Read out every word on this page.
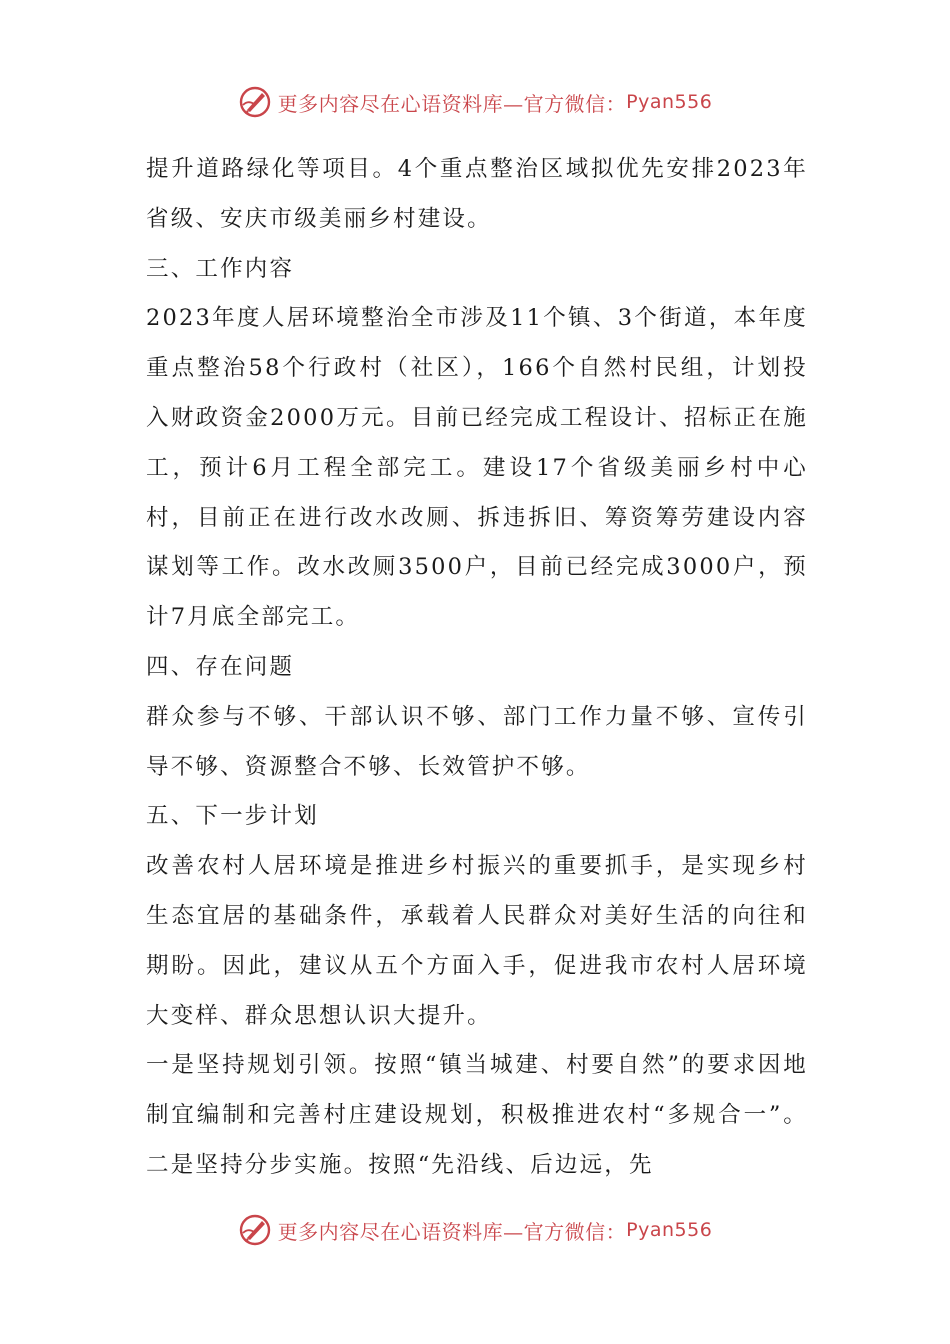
更多内容尽在心语资料库—官方微信： Pyan556

提升道路绿化等项目。4个重点整治区域拟优先安排2023年省级、安庆市级美丽乡村建设。

三、工作内容

2023年度人居环境整治全市涉及11个镇、3个街道，本年度重点整治58个行政村（社区），166个自然村民组，计划投入财政资金2000万元。目前已经完成工程设计、招标正在施工，预计6月工程全部完工。建设17个省级美丽乡村中心村，目前正在进行改水改厕、拆违拆旧、筹资筹劳建设内容谋划等工作。改水改厕3500户，目前已经完成3000户，预计7月底全部完工。

四、存在问题

群众参与不够、干部认识不够、部门工作力量不够、宣传引导不够、资源整合不够、长效管护不够。

五、下一步计划

改善农村人居环境是推进乡村振兴的重要抓手，是实现乡村生态宜居的基础条件，承载着人民群众对美好生活的向往和期盼。因此，建议从五个方面入手，促进我市农村人居环境大变样、群众思想认识大提升。

一是坚持规划引领。按照“镇当城建、村要自然”的要求因地制宜编制和完善村庄建设规划，积极推进农村“多规合一”。二是坚持分步实施。按照“先沿线、后边远，先

更多内容尽在心语资料库—官方微信： Pyan556
